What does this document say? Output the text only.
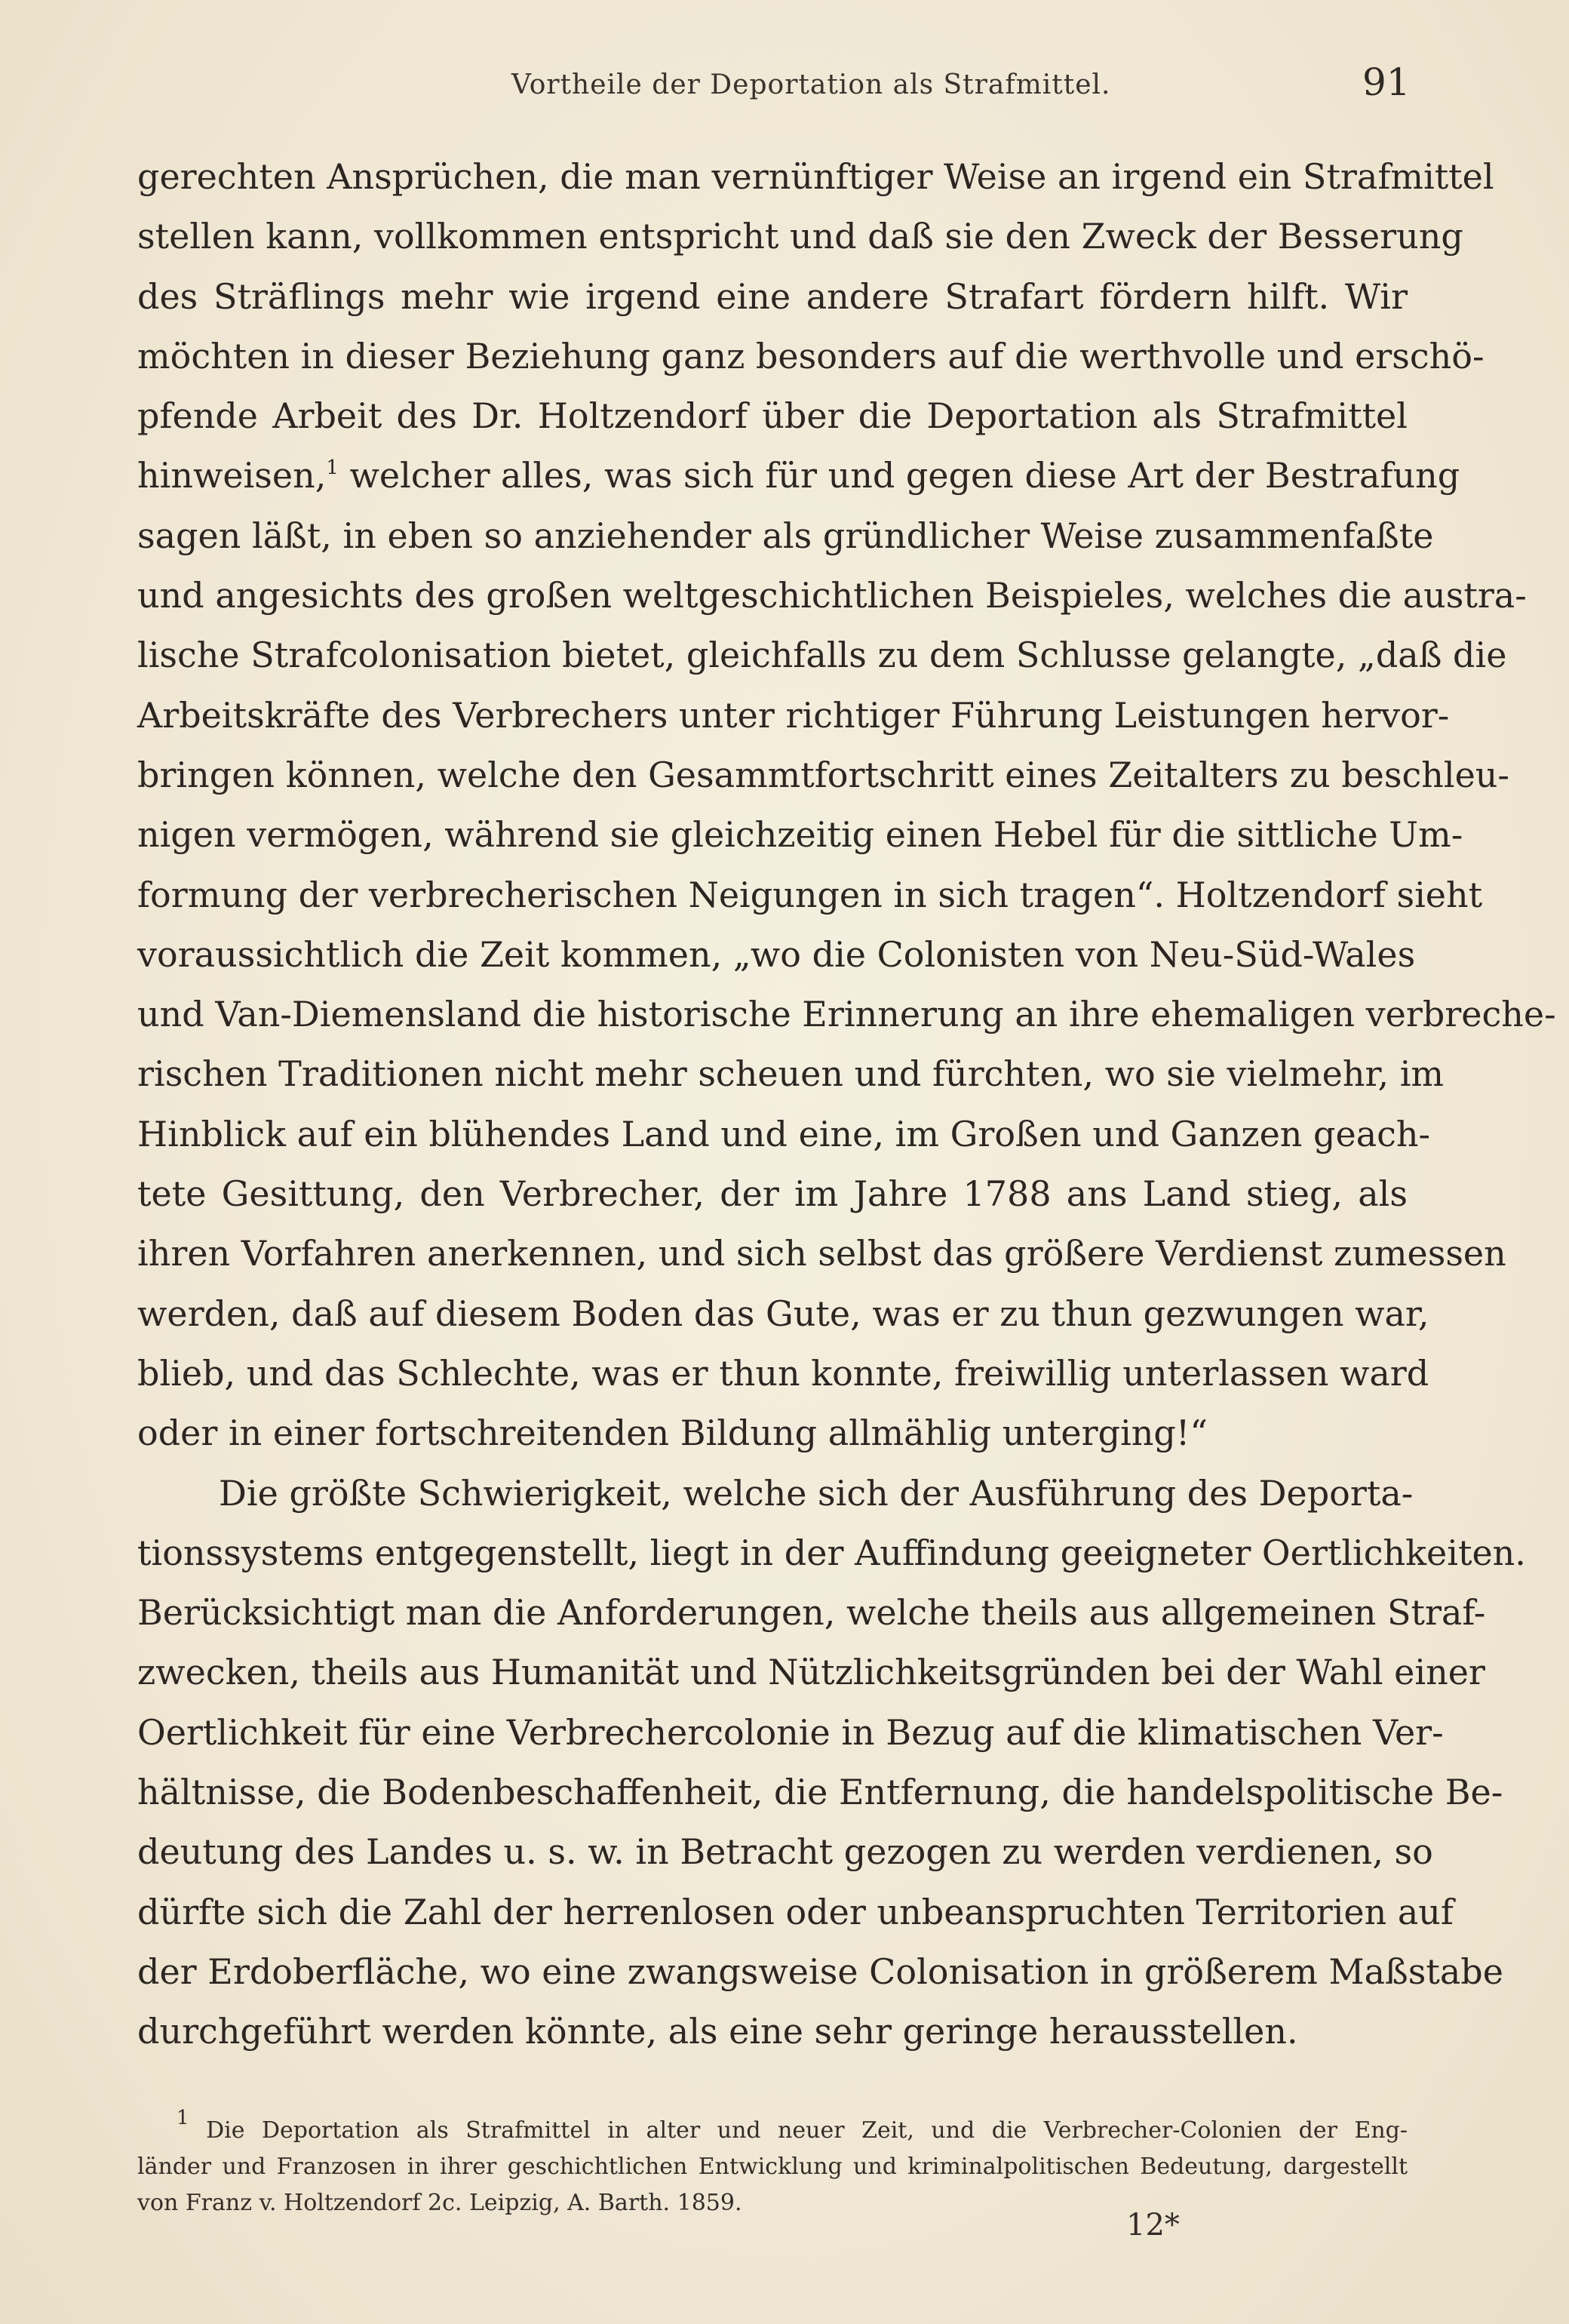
Vortheile der Deportation als Strafmittel.	91
gerechten Ansprüchen, die man vernünftiger Weise an irgend ein Strafmittel
stellen kann, vollkommen entspricht und daß sie den Zweck der Besserung
des Sträflings mehr wie irgend eine andere Strafart fördern hilft. Wir
möchten in dieser Beziehung ganz besonders auf die werthvolle und erschö-
pfende Arbeit des Dr. Holtzendorf über die Deportation als Strafmittel
hinweisen,$^1$ welcher alles, was sich für und gegen diese Art der Bestrafung
sagen läßt, in eben so anziehender als gründlicher Weise zusammenfaßte
und angesichts des großen weltgeschichtlichen Beispieles, welches die austra-
lische Strafcolonisation bietet, gleichfalls zu dem Schlusse gelangte, „daß die
Arbeitskräfte des Verbrechers unter richtiger Führung Leistungen hervor-
bringen können, welche den Gesammtfortschritt eines Zeitalters zu beschleu-
nigen vermögen, während sie gleichzeitig einen Hebel für die sittliche Um-
formung der verbrecherischen Neigungen in sich tragen“. Holtzendorf sieht
voraussichtlich die Zeit kommen, „wo die Colonisten von Neu-Süd-Wales
und Van-Diemensland die historische Erinnerung an ihre ehemaligen verbreche-
rischen Traditionen nicht mehr scheuen und fürchten, wo sie vielmehr, im
Hinblick auf ein blühendes Land und eine, im Großen und Ganzen geach-
tete Gesittung, den Verbrecher, der im Jahre 1788 ans Land stieg, als
ihren Vorfahren anerkennen, und sich selbst das größere Verdienst zumessen
werden, daß auf diesem Boden das Gute, was er zu thun gezwungen war,
blieb, und das Schlechte, was er thun konnte, freiwillig unterlassen ward
oder in einer fortschreitenden Bildung allmählig unterging!“
Die größte Schwierigkeit, welche sich der Ausführung des Deporta-
tionssystems entgegenstellt, liegt in der Auffindung geeigneter Oertlichkeiten.
Berücksichtigt man die Anforderungen, welche theils aus allgemeinen Straf-
zwecken, theils aus Humanität und Nützlichkeitsgründen bei der Wahl einer
Oertlichkeit für eine Verbrechercolonie in Bezug auf die klimatischen Ver-
hältnisse, die Bodenbeschaffenheit, die Entfernung, die handelspolitische Be-
deutung des Landes u. s. w. in Betracht gezogen zu werden verdienen, so
dürfte sich die Zahl der herrenlosen oder unbeanspruchten Territorien auf
der Erdoberfläche, wo eine zwangsweise Colonisation in größerem Maßstabe
durchgeführt werden könnte, als eine sehr geringe herausstellen.
$^1$ Die Deportation als Strafmittel in alter und neuer Zeit, und die Verbrecher-Colonien der Eng-
länder und Franzosen in ihrer geschichtlichen Entwicklung und kriminalpolitischen Bedeutung, dargestellt
von Franz v. Holtzendorf 2c. Leipzig, A. Barth. 1859.
12*
